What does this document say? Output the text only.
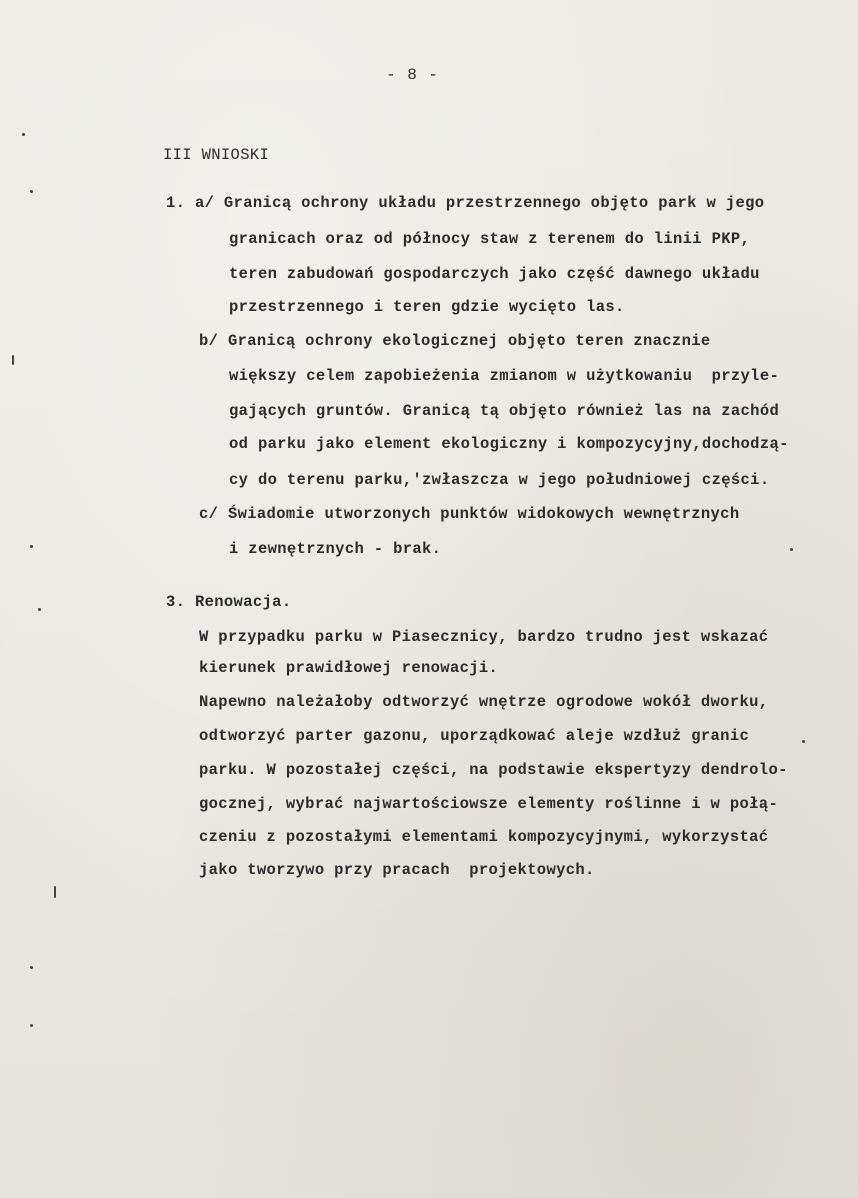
- 8 -

III WNIOSKI

1. a/ Granicą ochrony układu przestrzennego objęto park w jego

granicach oraz od północy staw z terenem do linii PKP,

teren zabudowań gospodarczych jako część dawnego układu

przestrzennego i teren gdzie wycięto las.

b/ Granicą ochrony ekologicznej objęto teren znacznie

większy celem zapobieżenia zmianom w użytkowaniu  przyle-

gających gruntów. Granicą tą objęto również las na zachód

od parku jako element ekologiczny i kompozycyjny,dochodzą-

cy do terenu parku,'zwłaszcza w jego południowej części.

c/ Świadomie utworzonych punktów widokowych wewnętrznych

i zewnętrznych - brak.

3. Renowacja.

W przypadku parku w Piasecznicy, bardzo trudno jest wskazać

kierunek prawidłowej renowacji.

Napewno należałoby odtworzyć wnętrze ogrodowe wokół dworku,

odtworzyć parter gazonu, uporządkować aleje wzdłuż granic

parku. W pozostałej części, na podstawie ekspertyzy dendrolo-

gocznej, wybrać najwartościowsze elementy roślinne i w połą-

czeniu z pozostałymi elementami kompozycyjnymi, wykorzystać

jako tworzywo przy pracach  projektowych.
